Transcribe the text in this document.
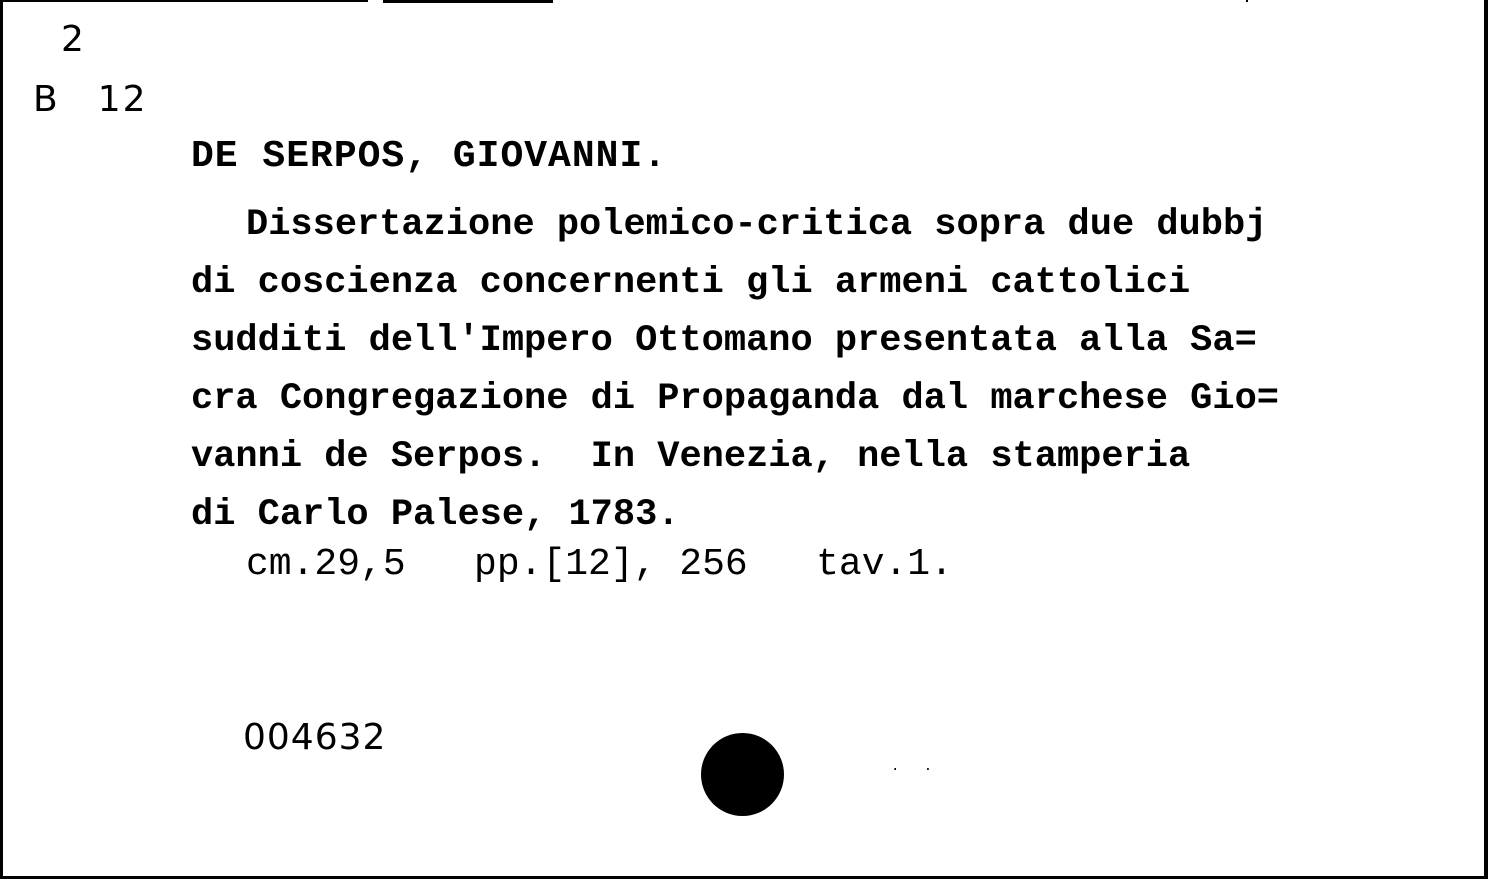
2
B 12
DE SERPOS, GIOVANNI.
Dissertazione polemico-critica sopra due dubbj
di coscienza concernenti gli armeni cattolici
sudditi dell'Impero Ottomano presentata alla Sa=
cra Congregazione di Propaganda dal marchese Gio=
vanni de Serpos.  In Venezia, nella stamperia
di Carlo Palese, 1783.
cm.29,5   pp.[12], 256   tav.1.
004632
. .
